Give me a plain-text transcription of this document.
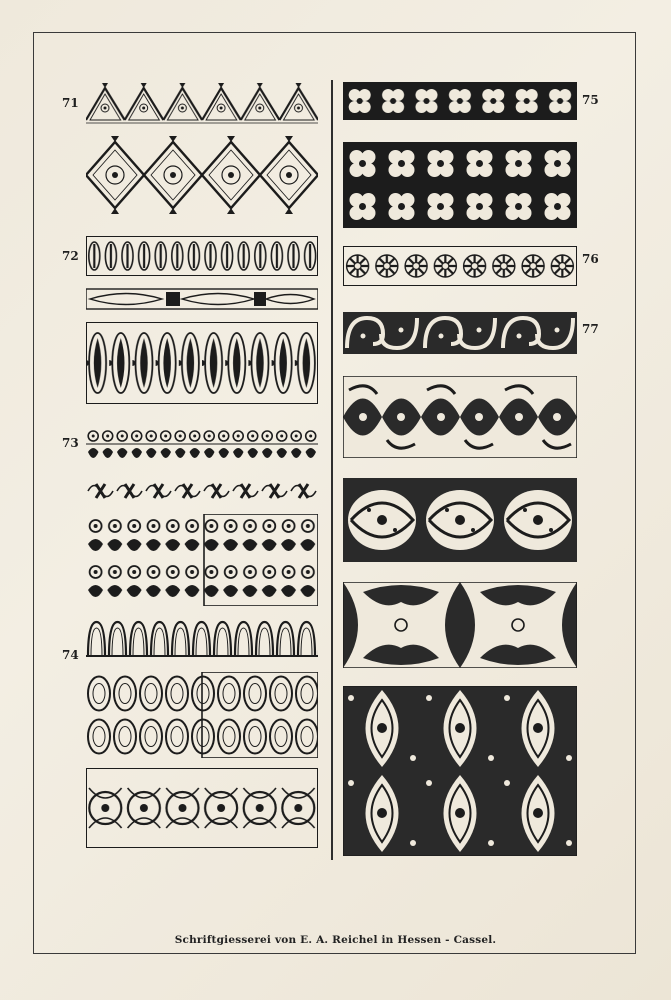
71
72
73
74
75
76
77
Schriftgiesserei von E. A. Reichel in Hessen - Cassel.
